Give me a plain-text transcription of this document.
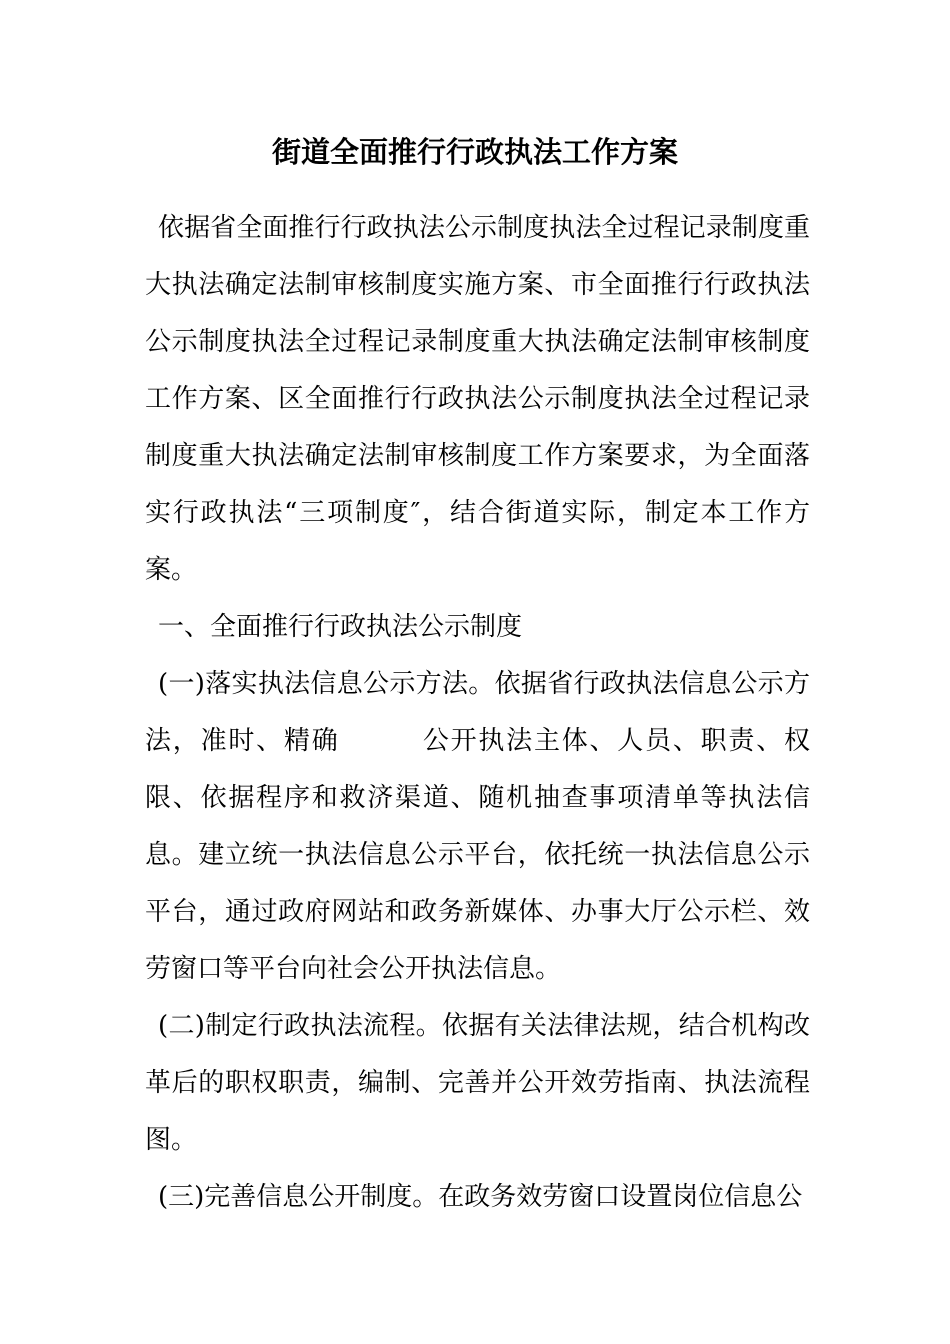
街道全面推行行政执法工作方案

依据省全面推行行政执法公示制度执法全过程记录制度重大执法确定法制审核制度实施方案、市全面推行行政执法公示制度执法全过程记录制度重大执法确定法制审核制度工作方案、区全面推行行政执法公示制度执法全过程记录制度重大执法确定法制审核制度工作方案要求，为全面落实行政执法“三项制度″，结合街道实际，制定本工作方案。

一、全面推行行政执法公示制度

(一)落实执法信息公示方法。依据省行政执法信息公示方法，准时、精确　　　公开执法主体、人员、职责、权限、依据程序和救济渠道、随机抽查事项清单等执法信息。建立统一执法信息公示平台，依托统一执法信息公示平台，通过政府网站和政务新媒体、办事大厅公示栏、效劳窗口等平台向社会公开执法信息。

(二)制定行政执法流程。依据有关法律法规，结合机构改革后的职权职责，编制、完善并公开效劳指南、执法流程图。

(三)完善信息公开制度。在政务效劳窗口设置岗位信息公
